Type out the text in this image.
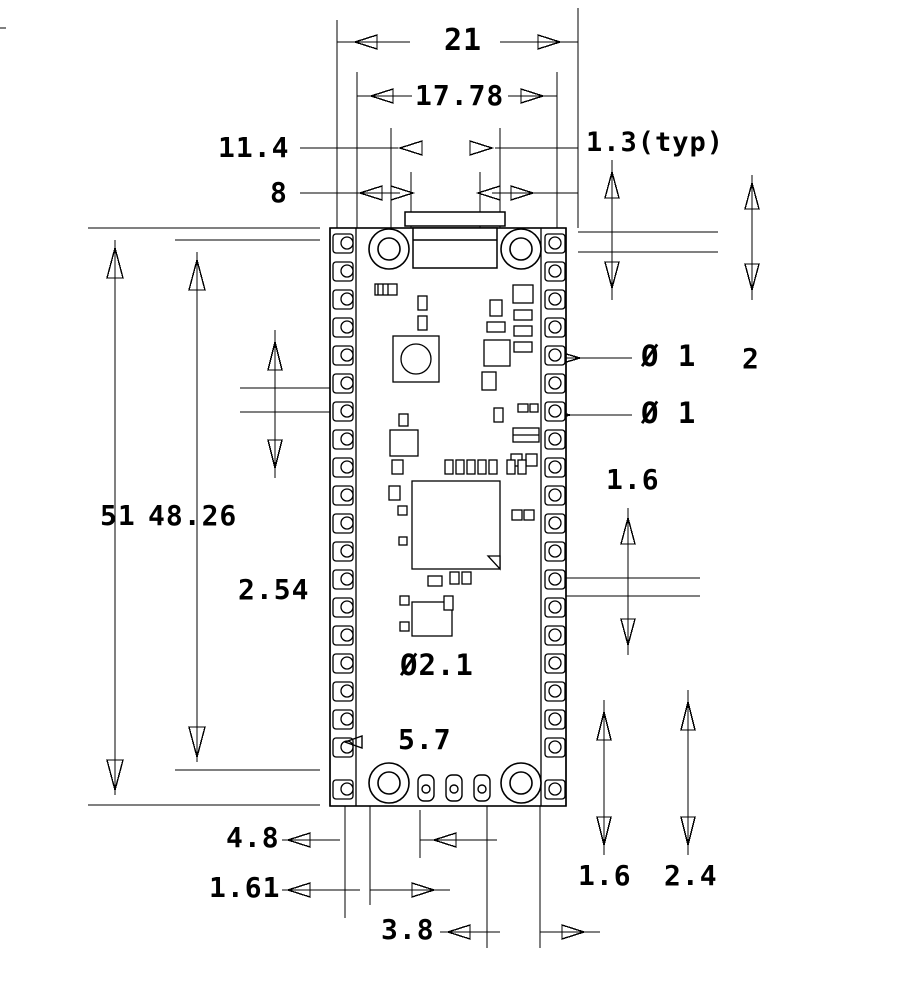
21
17.78
11.4
8
1.3(typ)
2
Ø 1
Ø 1
1.6
51 48.26
2.54
Ø2.1
5.7
4.8
1.61
3.8
1.6 2.4
